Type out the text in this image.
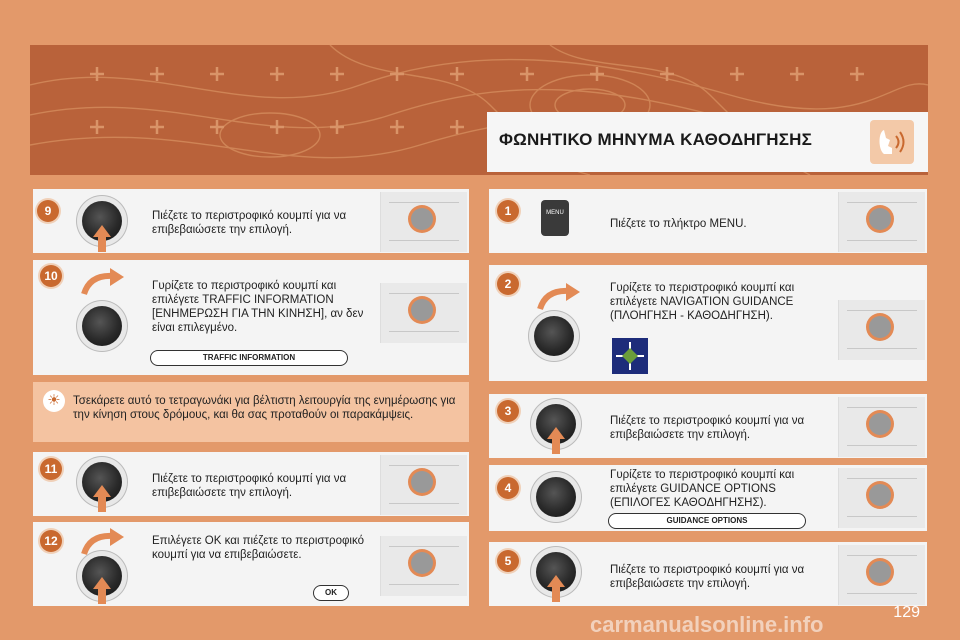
ΦΩΝΗΤΙΚΟ ΜΗΝΥΜΑ ΚΑΘΟΔΗΓΗΣΗΣ
9	Πιέζετε το περιστροφικό κουμπί για να επιβεβαιώσετε την επιλογή.
10
Γυρίζετε το περιστροφικό κουμπί και επιλέγετε TRAFFIC INFORMATION [ΕΝΗΜΕΡΩΣΗ ΓΙΑ ΤΗΝ ΚΙΝΗΣΗ], αν δεν είναι επιλεγμένο.
TRAFFIC INFORMATION
☀	Τσεκάρετε αυτό το τετραγωνάκι για βέλτιστη λειτουργία της ενημέρωσης για την κίνηση στους δρόμους, και θα σας προταθούν οι παρακάμψεις.
11
Πιέζετε το περιστροφικό κουμπί για να επιβεβαιώσετε την επιλογή.
12	Επιλέγετε OK και πιέζετε το περιστροφικό κουμπί για να επιβεβαιώσετε.
OK
1	MENU
Πιέζετε το πλήκτρο MENU.
2	Γυρίζετε το περιστροφικό κουμπί και επιλέγετε NAVIGATION GUIDANCE (ΠΛΟΗΓΗΣΗ - ΚΑΘΟΔΗΓΗΣΗ).
3
Πιέζετε το περιστροφικό κουμπί για να επιβεβαιώσετε την επιλογή.
4
Γυρίζετε το περιστροφικό κουμπί και επιλέγετε GUIDANCE OPTIONS (ΕΠΙΛΟΓΕΣ ΚΑΘΟΔΗΓΗΣΗΣ).
GUIDANCE OPTIONS
5
Πιέζετε το περιστροφικό κουμπί για να επιβεβαιώσετε την επιλογή.
129
carmanualsonline.info
